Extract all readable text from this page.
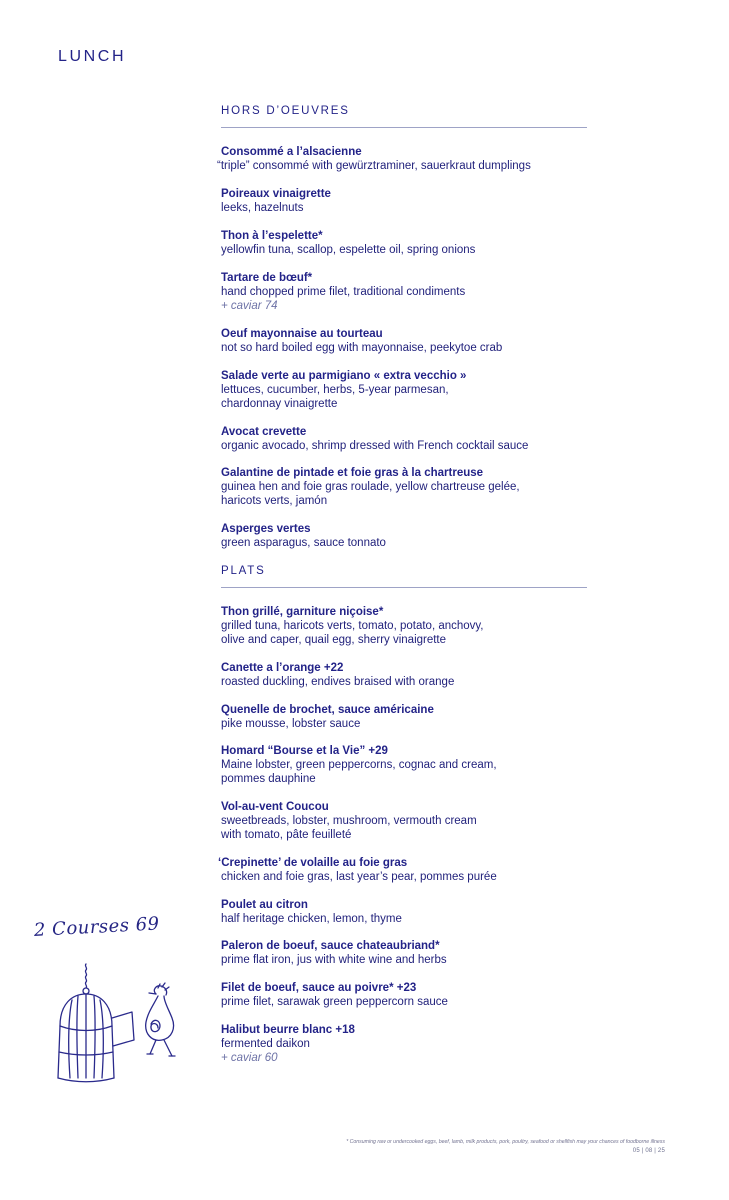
LUNCH
HORS D’OEUVRES
Consommé a l’alsacienne
“triple” consommé with gewürztraminer, sauerkraut dumplings
Poireaux vinaigrette
leeks, hazelnuts
Thon à l’espelette*
yellowfin tuna, scallop, espelette oil, spring onions
Tartare de bœuf*
hand chopped prime filet, traditional condiments
+ caviar 74
Oeuf mayonnaise au tourteau
not so hard boiled egg with mayonnaise, peekytoe crab
Salade verte au parmigiano « extra vecchio »
lettuces, cucumber, herbs, 5-year parmesan,
chardonnay vinaigrette
Avocat crevette
organic avocado, shrimp dressed with French cocktail sauce
Galantine de pintade et foie gras à la chartreuse
guinea hen and foie gras roulade, yellow chartreuse gelée,
haricots verts, jamón
Asperges vertes
green asparagus, sauce tonnato
PLATS
Thon grillé, garniture niçoise*
grilled tuna, haricots verts, tomato, potato, anchovy,
olive and caper, quail egg, sherry vinaigrette
Canette a l’orange +22
roasted duckling, endives braised with orange
Quenelle de brochet, sauce américaine
pike mousse, lobster sauce
Homard “Bourse et la Vie” +29
Maine lobster, green peppercorns, cognac and cream,
pommes dauphine
Vol-au-vent Coucou
sweetbreads, lobster, mushroom, vermouth cream
with tomato, pâte feuilleté
‘Crepinette’ de volaille au foie gras
chicken and foie gras, last year’s pear, pommes purée
Poulet au citron
half heritage chicken, lemon, thyme
Paleron de boeuf, sauce chateaubriand*
prime flat iron, jus with white wine and herbs
Filet de boeuf, sauce au poivre* +23
prime filet, sarawak green peppercorn sauce
Halibut beurre blanc +18
fermented daikon
+ caviar 60
2 Courses 69
* Consuming raw or undercooked eggs, beef, lamb, milk products, pork, poultry, seafood or shellfish may your chances of foodborne illness
05 | 08 | 25
